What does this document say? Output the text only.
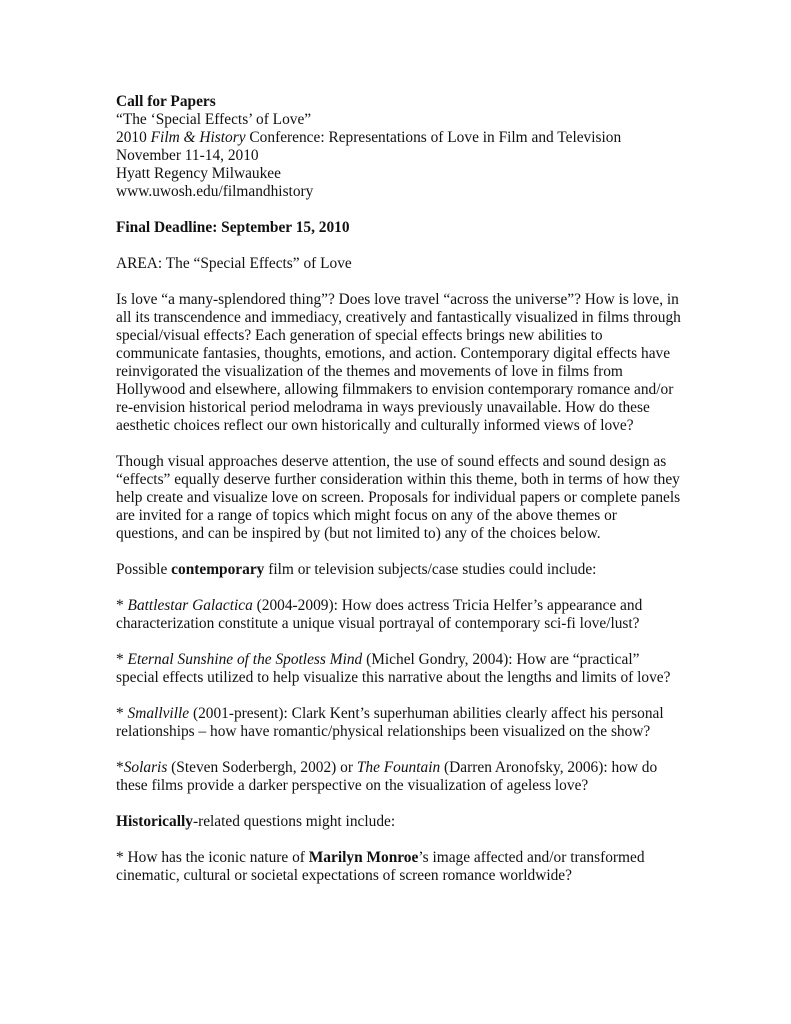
Call for Papers

“The ‘Special Effects’ of Love”

2010 Film & History Conference: Representations of Love in Film and Television

November 11-14, 2010

Hyatt Regency Milwaukee

www.uwosh.edu/filmandhistory

Final Deadline: September 15, 2010

AREA: The “Special Effects” of Love

Is love “a many-splendored thing”? Does love travel “across the universe”? How is love, in all its transcendence and immediacy, creatively and fantastically visualized in films through special/visual effects? Each generation of special effects brings new abilities to communicate fantasies, thoughts, emotions, and action. Contemporary digital effects have reinvigorated the visualization of the themes and movements of love in films from Hollywood and elsewhere, allowing filmmakers to envision contemporary romance and/or re-envision historical period melodrama in ways previously unavailable. How do these aesthetic choices reflect our own historically and culturally informed views of love?

Though visual approaches deserve attention, the use of sound effects and sound design as “effects” equally deserve further consideration within this theme, both in terms of how they help create and visualize love on screen. Proposals for individual papers or complete panels are invited for a range of topics which might focus on any of the above themes or questions, and can be inspired by (but not limited to) any of the choices below.

Possible contemporary film or television subjects/case studies could include:

* Battlestar Galactica (2004-2009): How does actress Tricia Helfer’s appearance and characterization constitute a unique visual portrayal of contemporary sci-fi love/lust?

* Eternal Sunshine of the Spotless Mind (Michel Gondry, 2004): How are “practical” special effects utilized to help visualize this narrative about the lengths and limits of love?

* Smallville (2001-present): Clark Kent’s superhuman abilities clearly affect his personal relationships – how have romantic/physical relationships been visualized on the show?

*Solaris (Steven Soderbergh, 2002) or The Fountain (Darren Aronofsky, 2006): how do these films provide a darker perspective on the visualization of ageless love?

Historically-related questions might include:

* How has the iconic nature of Marilyn Monroe’s image affected and/or transformed cinematic, cultural or societal expectations of screen romance worldwide?
